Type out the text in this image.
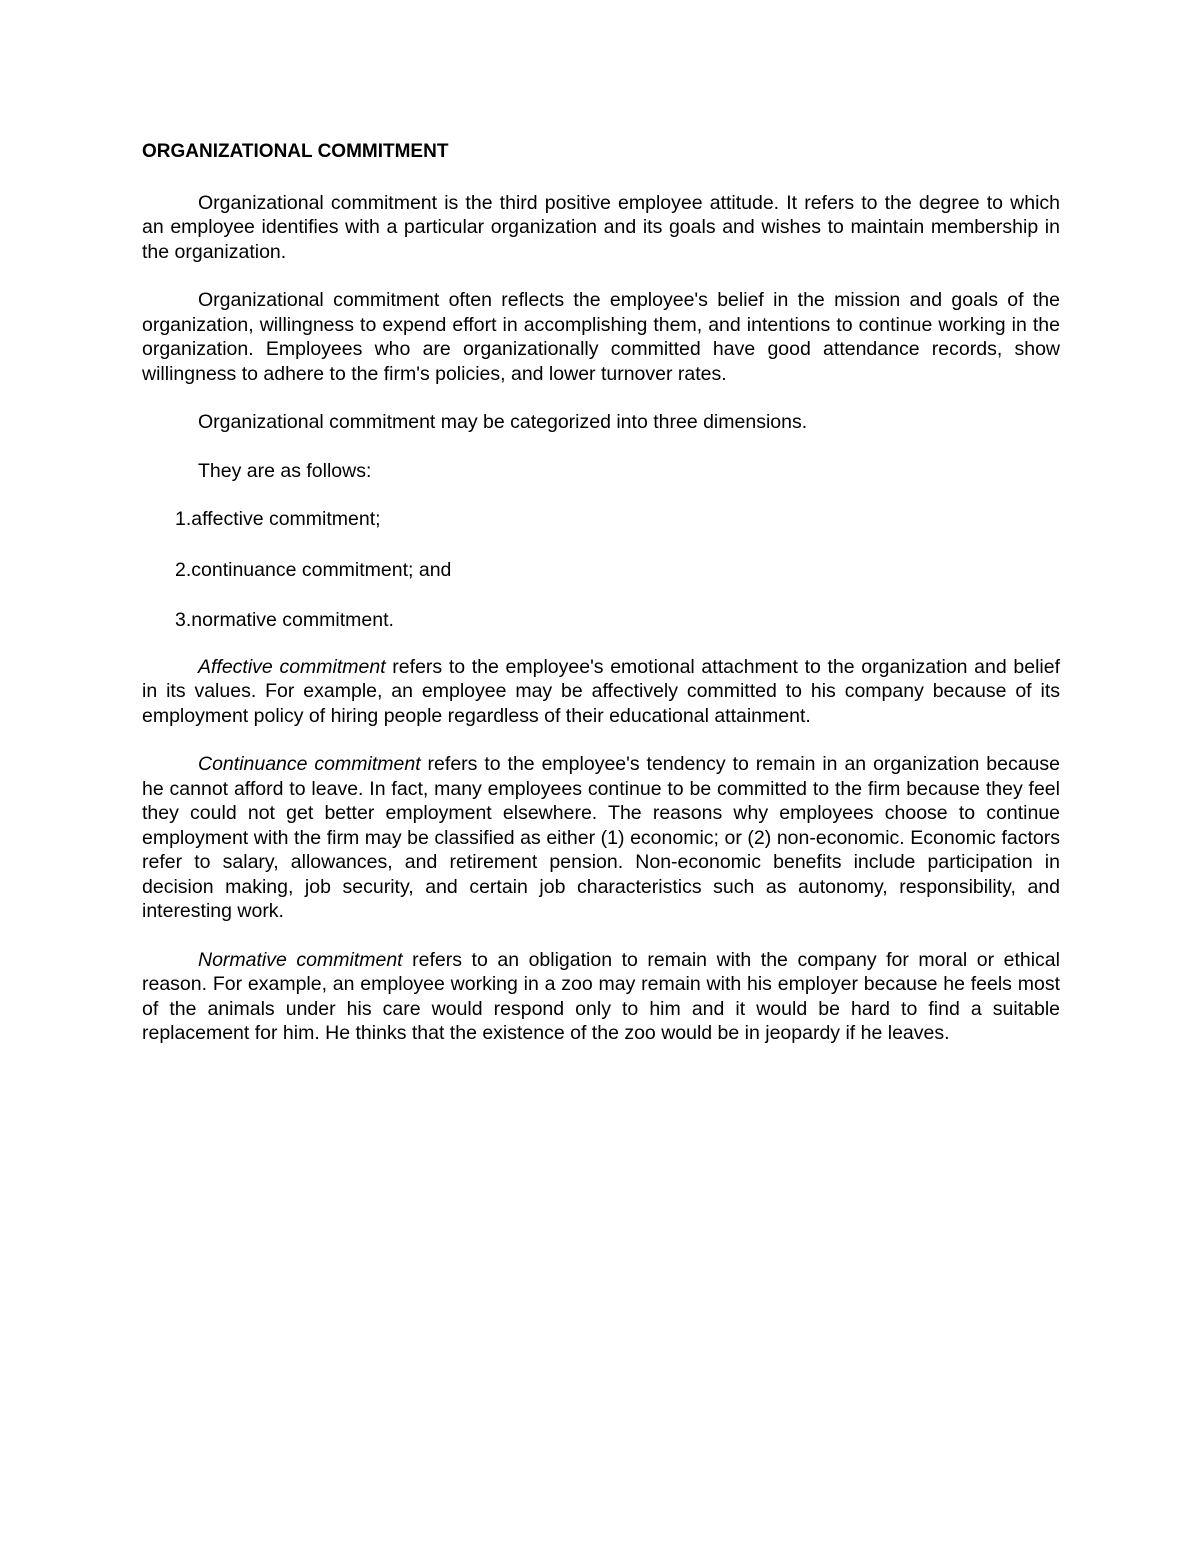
ORGANIZATIONAL COMMITMENT

Organizational commitment is the third positive employee attitude. It refers to the degree to which an employee identifies with a particular organization and its goals and wishes to maintain membership in the organization.

Organizational commitment often reflects the employee's belief in the mission and goals of the organization, willingness to expend effort in accomplishing them, and intentions to continue working in the organization. Employees who are organizationally committed have good attendance records, show willingness to adhere to the firm's policies, and lower turnover rates.

Organizational commitment may be categorized into three dimensions.

They are as follows:

1.affective commitment;
2.continuance commitment; and
3.normative commitment.

Affective commitment refers to the employee's emotional attachment to the organization and belief in its values. For example, an employee may be affectively committed to his company because of its employment policy of hiring people regardless of their educational attainment.

Continuance commitment refers to the employee's tendency to remain in an organization because he cannot afford to leave. In fact, many employees continue to be committed to the firm because they feel they could not get better employment elsewhere. The reasons why employees choose to continue employment with the firm may be classified as either (1) economic; or (2) non-economic. Economic factors refer to salary, allowances, and retirement pension. Non-economic benefits include participation in decision making, job security, and certain job characteristics such as autonomy, responsibility, and interesting work.

Normative commitment refers to an obligation to remain with the company for moral or ethical reason. For example, an employee working in a zoo may remain with his employer because he feels most of the animals under his care would respond only to him and it would be hard to find a suitable replacement for him. He thinks that the existence of the zoo would be in jeopardy if he leaves.
